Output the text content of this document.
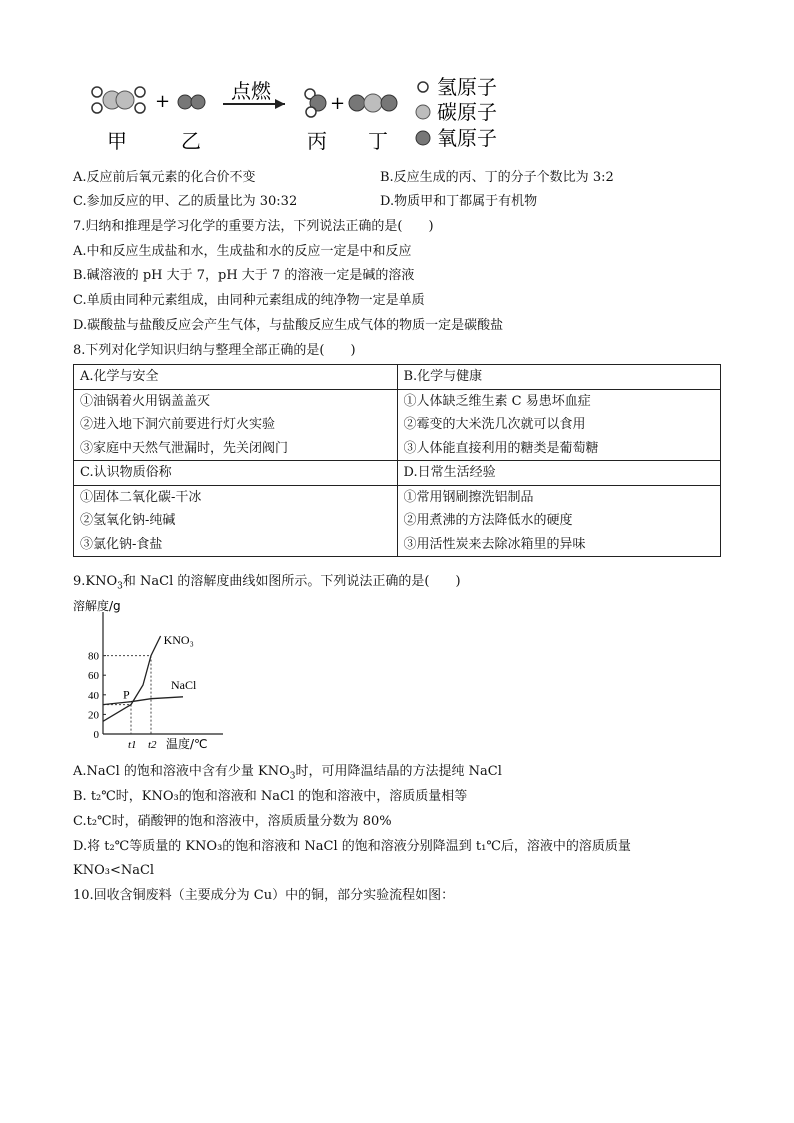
+	点燃
+
氢原子
碳原子
氧原子
甲	乙	丙 丁
A.反应前后氧元素的化合价不变	B.反应生成的丙、丁的分子个数比为 3:2
C.参加反应的甲、乙的质量比为 30:32	D.物质甲和丁都属于有机物
7.归纳和推理是学习化学的重要方法，下列说法正确的是(　　)
A.中和反应生成盐和水，生成盐和水的反应一定是中和反应
B.碱溶液的 pH 大于 7，pH 大于 7 的溶液一定是碱的溶液
C.单质由同种元素组成，由同种元素组成的纯净物一定是单质
D.碳酸盐与盐酸反应会产生气体，与盐酸反应生成气体的物质一定是碳酸盐
8.下列对化学知识归纳与整理全部正确的是(　　)
A.化学与安全	B.化学与健康
①油锅着火用锅盖盖灭	①人体缺乏维生素 C 易患坏血症
②进入地下洞穴前要进行灯火实验	②霉变的大米洗几次就可以食用
③家庭中天然气泄漏时，先关闭阀门	③人体能直接利用的糖类是葡萄糖
C.认识物质俗称	D.日常生活经验
①固体二氧化碳-干冰	①常用钢刷擦洗铝制品
②氢氧化钠-纯碱	②用煮沸的方法降低水的硬度
③氯化钠-食盐	③用活性炭来去除冰箱里的异味
$9.KNO_3$和 NaCl 的溶解度曲线如图所示。下列说法正确的是(　　)
0
20
40
60
80
溶解度/g
温度/℃
t1 t2
KNO₃
NaCl
P
A.NaCl 的饱和溶液中含有少量 $KNO_3$时，可用降温结晶的方法提纯 NaCl
B. t₂℃时，KNO₃的饱和溶液和 NaCl 的饱和溶液中，溶质质量相等
C.t₂℃时，硝酸钾的饱和溶液中，溶质质量分数为 80%
D.将 t₂℃等质量的 KNO₃的饱和溶液和 NaCl 的饱和溶液分别降温到 t₁℃后，溶液中的溶质质量
KNO₃<NaCl
10.回收含铜废料（主要成分为 Cu）中的铜，部分实验流程如图：
